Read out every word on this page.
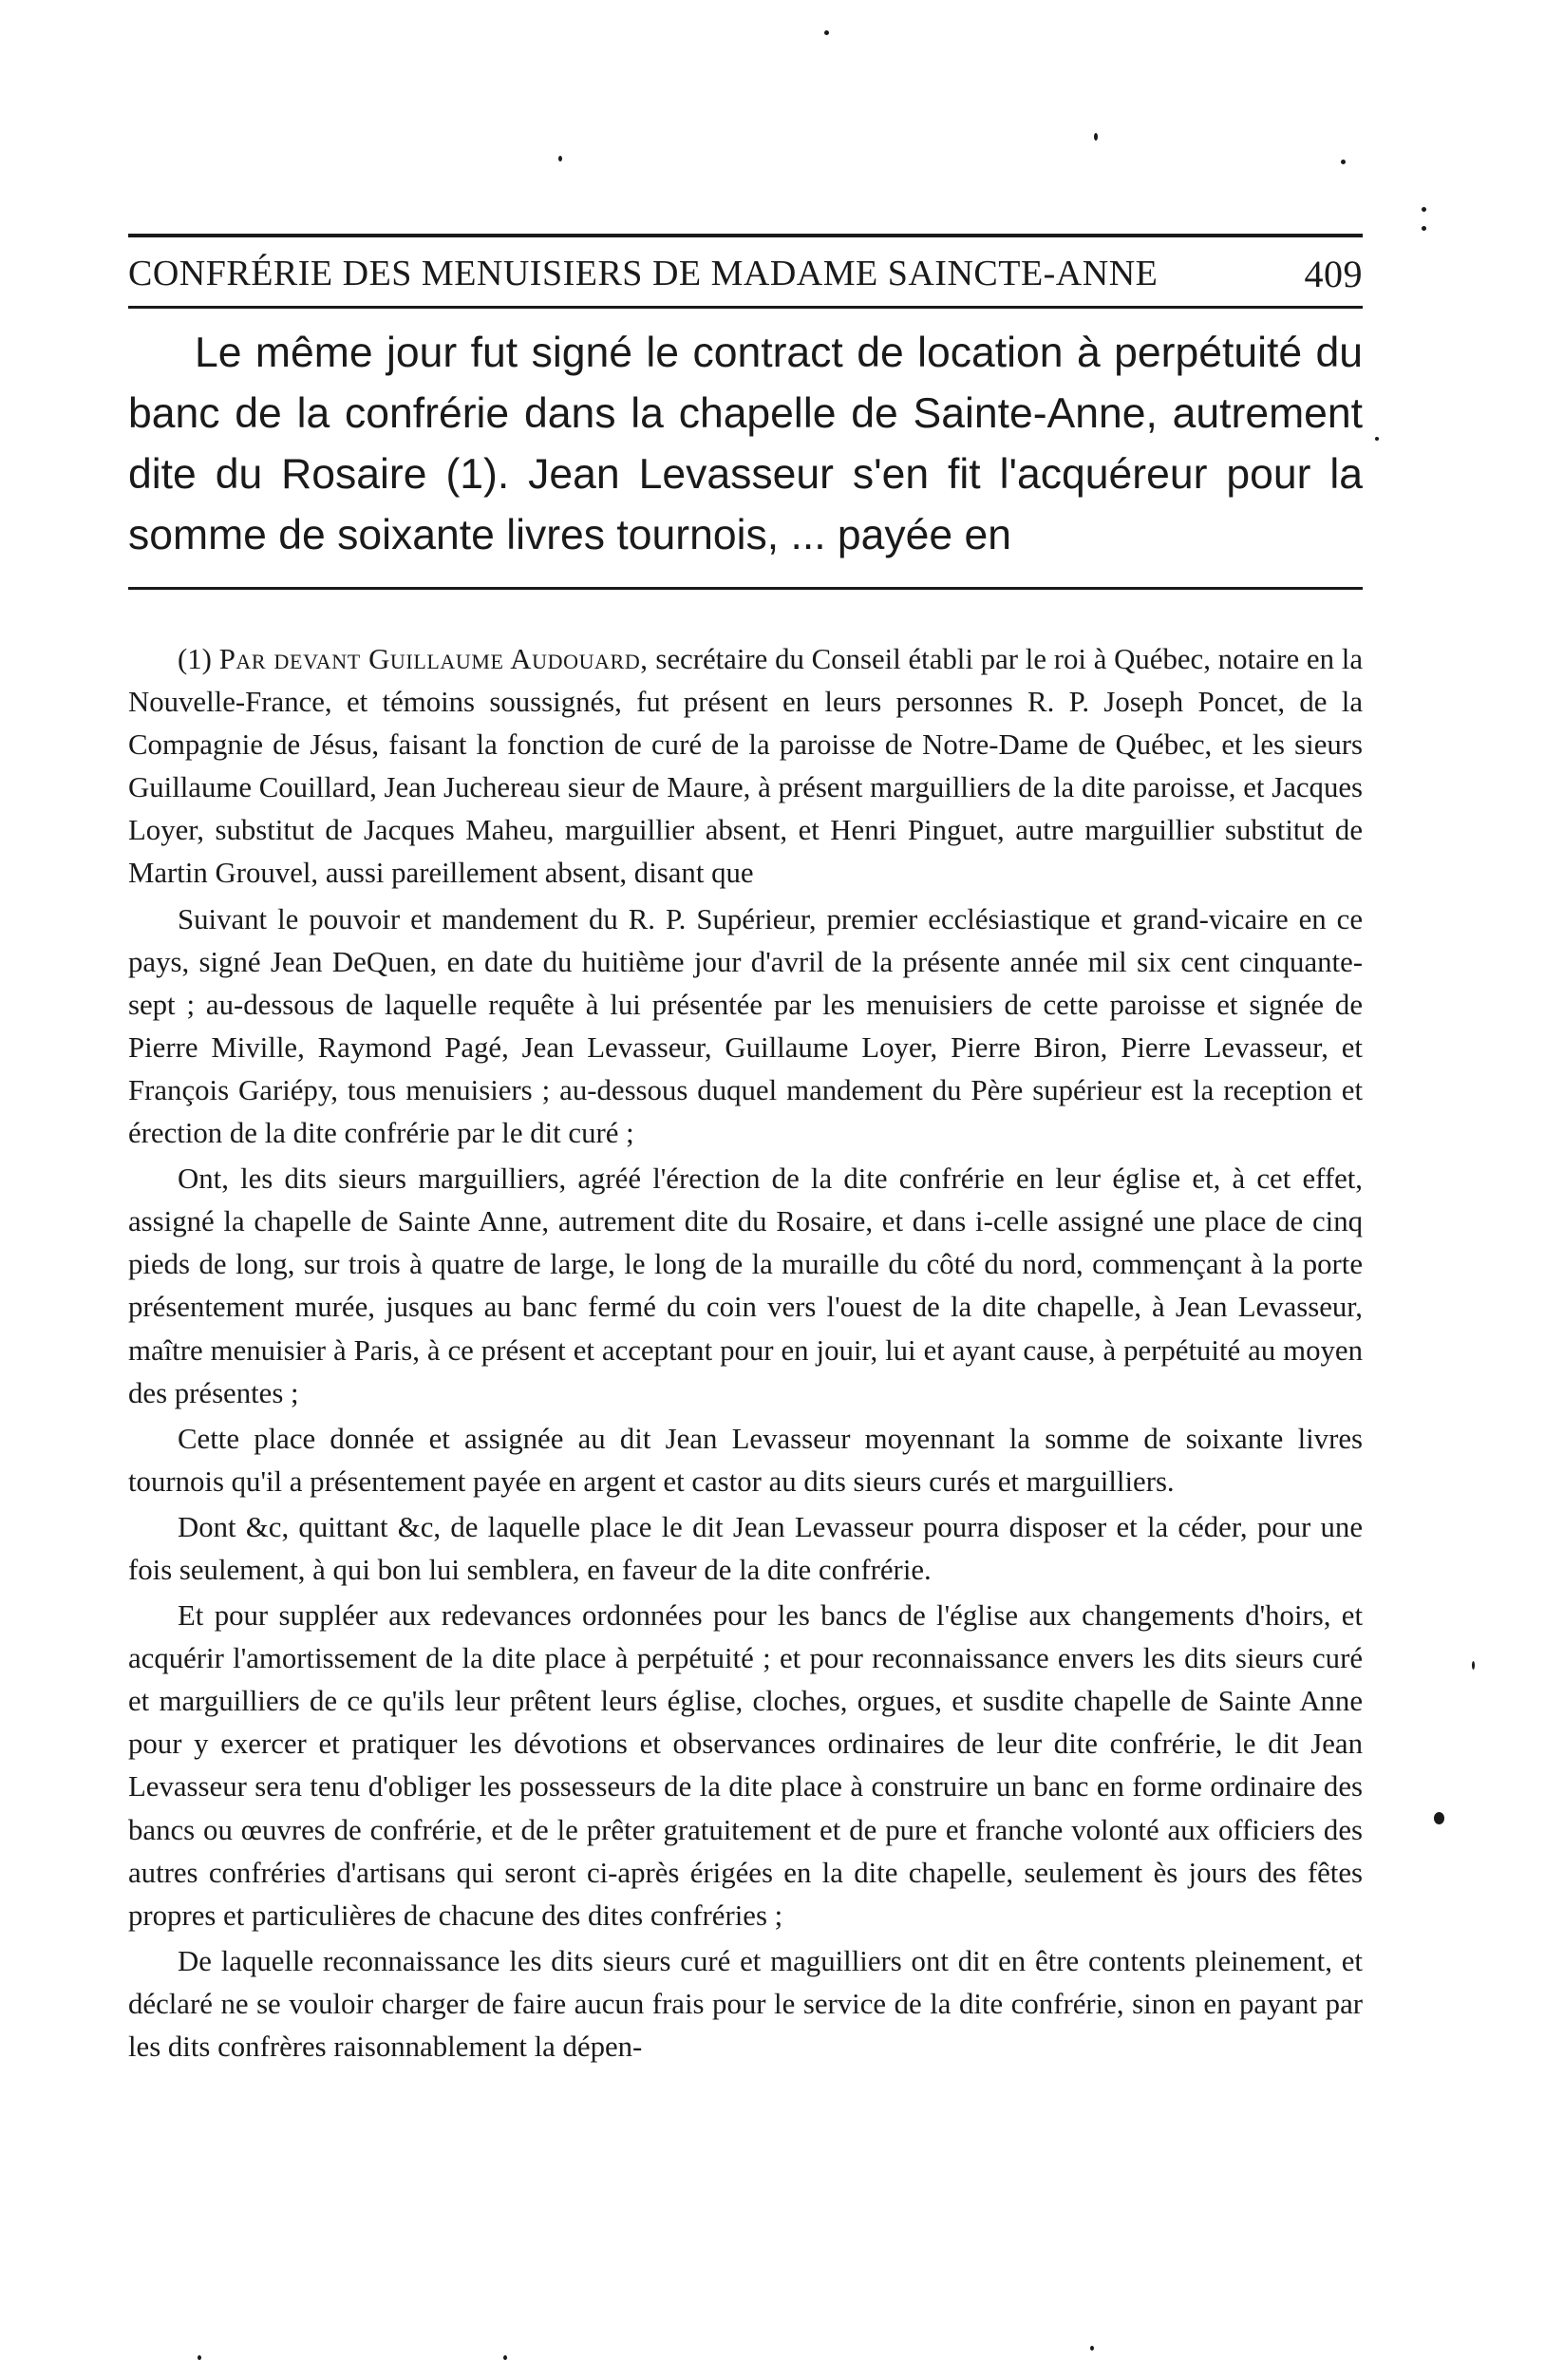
CONFRÉRIE DES MENUISIERS DE MADAME SAINCTE-ANNE	409

Le même jour fut signé le contract de location à perpétuité du banc de la confrérie dans la chapelle de Sainte-Anne, autrement dite du Rosaire (1). Jean Levasseur s'en fit l'acquéreur pour la somme de soixante livres tournois, ... payée en

(1) Par devant Guillaume Audouard, secrétaire du Conseil établi par le roi à Québec, notaire en la Nouvelle-France, et témoins soussignés, fut présent en leurs personnes R. P. Joseph Poncet, de la Compagnie de Jésus, faisant la fonction de curé de la paroisse de Notre-Dame de Québec, et les sieurs Guillaume Couillard, Jean Juchereau sieur de Maure, à présent marguilliers de la dite paroisse, et Jacques Loyer, substitut de Jacques Maheu, marguillier absent, et Henri Pinguet, autre marguillier substitut de Martin Grouvel, aussi pareillement absent, disant que

Suivant le pouvoir et mandement du R. P. Supérieur, premier ecclésiastique et grand-vicaire en ce pays, signé Jean DeQuen, en date du huitième jour d'avril de la présente année mil six cent cinquante-sept ; au-dessous de laquelle requête à lui présentée par les menuisiers de cette paroisse et signée de Pierre Miville, Raymond Pagé, Jean Levasseur, Guillaume Loyer, Pierre Biron, Pierre Levasseur, et François Gariépy, tous menuisiers ; au-dessous duquel mandement du Père supérieur est la reception et érection de la dite confrérie par le dit curé ;

Ont, les dits sieurs marguilliers, agréé l'érection de la dite confrérie en leur église et, à cet effet, assigné la chapelle de Sainte Anne, autrement dite du Rosaire, et dans i-celle assigné une place de cinq pieds de long, sur trois à quatre de large, le long de la muraille du côté du nord, commençant à la porte présentement murée, jusques au banc fermé du coin vers l'ouest de la dite chapelle, à Jean Levasseur, maître menuisier à Paris, à ce présent et acceptant pour en jouir, lui et ayant cause, à perpétuité au moyen des présentes ;

Cette place donnée et assignée au dit Jean Levasseur moyennant la somme de soixante livres tournois qu'il a présentement payée en argent et castor au dits sieurs curés et marguilliers.

Dont &c, quittant &c, de laquelle place le dit Jean Levasseur pourra disposer et la céder, pour une fois seulement, à qui bon lui semblera, en faveur de la dite confrérie.

Et pour suppléer aux redevances ordonnées pour les bancs de l'église aux changements d'hoirs, et acquérir l'amortissement de la dite place à perpétuité ; et pour reconnaissance envers les dits sieurs curé et marguilliers de ce qu'ils leur prêtent leurs église, cloches, orgues, et susdite chapelle de Sainte Anne pour y exercer et pratiquer les dévotions et observances ordinaires de leur dite confrérie, le dit Jean Levasseur sera tenu d'obliger les possesseurs de la dite place à construire un banc en forme ordinaire des bancs ou œuvres de confrérie, et de le prêter gratuitement et de pure et franche volonté aux officiers des autres confréries d'artisans qui seront ci-après érigées en la dite chapelle, seulement ès jours des fêtes propres et particulières de chacune des dites confréries ;

De laquelle reconnaissance les dits sieurs curé et maguilliers ont dit en être contents pleinement, et déclaré ne se vouloir charger de faire aucun frais pour le service de la dite confrérie, sinon en payant par les dits confrères raisonnablement la dépen-
